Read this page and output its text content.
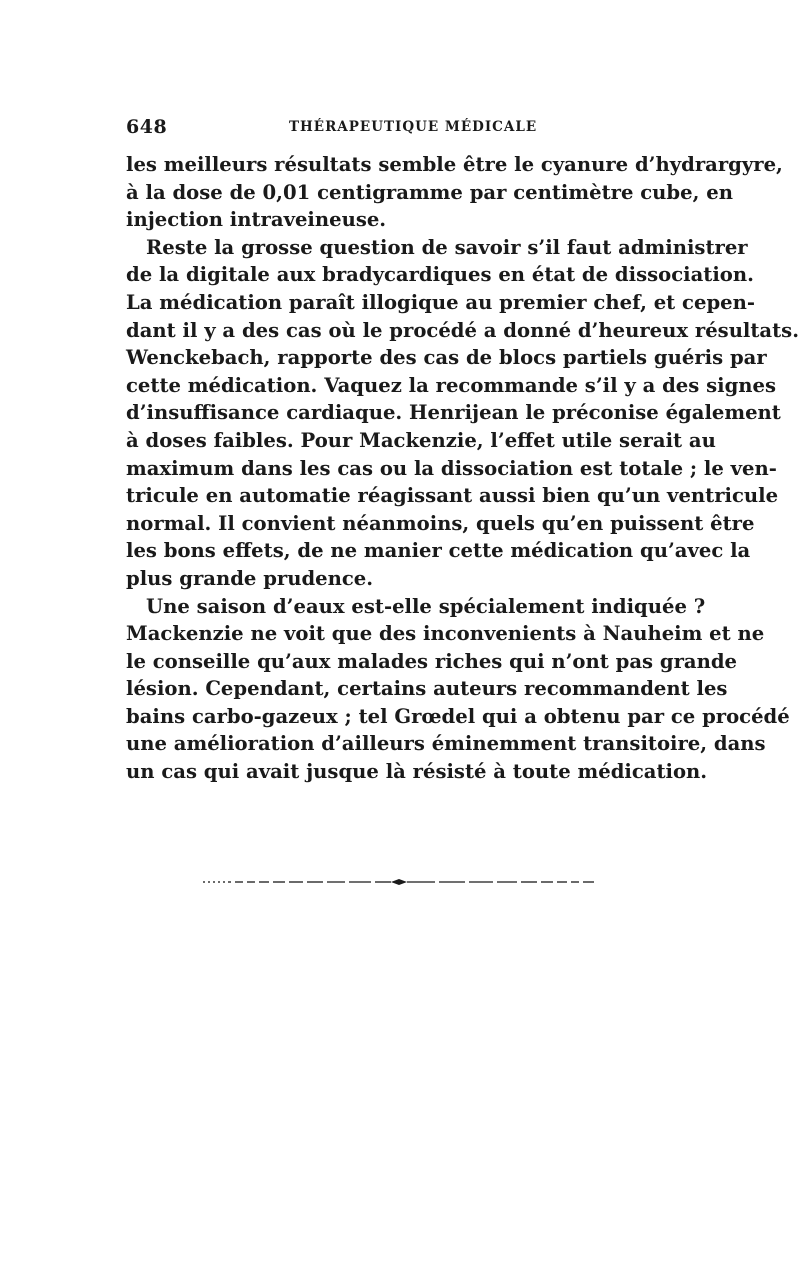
648	THÉRAPEUTIQUE MÉDICALE
les meilleurs résultats semble être le cyanure d’hydrargyre,
à la dose de 0,01 centigramme par centimètre cube, en
injection intraveineuse.
Reste la grosse question de savoir s’il faut administrer
de la digitale aux bradycardiques en état de dissociation.
La médication paraît illogique au premier chef, et cepen-
dant il y a des cas où le procédé a donné d’heureux résultats.
Wenckebach, rapporte des cas de blocs partiels guéris par
cette médication. Vaquez la recommande s’il y a des signes
d’insuffisance cardiaque. Henrijean le préconise également
à doses faibles. Pour Mackenzie, l’effet utile serait au
maximum dans les cas ou la dissociation est totale ; le ven-
tricule en automatie réagissant aussi bien qu’un ventricule
normal. Il convient néanmoins, quels qu’en puissent être
les bons effets, de ne manier cette médication qu’avec la
plus grande prudence.
Une saison d’eaux est-elle spécialement indiquée ?
Mackenzie ne voit que des inconvenients à Nauheim et ne
le conseille qu’aux malades riches qui n’ont pas grande
lésion. Cependant, certains auteurs recommandent les
bains carbo-gazeux ; tel Grœdel qui a obtenu par ce procédé
une amélioration d’ailleurs éminemment transitoire, dans
un cas qui avait jusque là résisté à toute médication.
